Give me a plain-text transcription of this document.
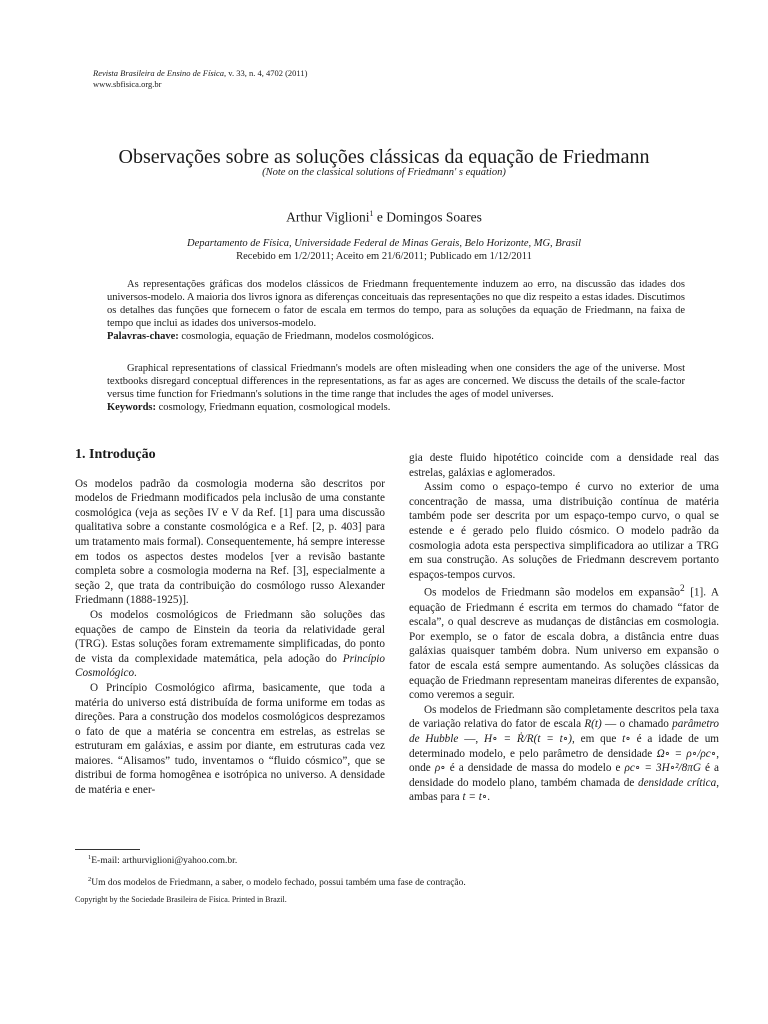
Revista Brasileira de Ensino de Física, v. 33, n. 4, 4702 (2011)
www.sbfisica.org.br
Observações sobre as soluções clássicas da equação de Friedmann
(Note on the classical solutions of Friedmann' s equation)
Arthur Viglioni$^1$ e Domingos Soares
Departamento de Física, Universidade Federal de Minas Gerais, Belo Horizonte, MG, Brasil
Recebido em 1/2/2011; Aceito em 21/6/2011; Publicado em 1/12/2011

As representações gráficas dos modelos clássicos de Friedmann frequentemente induzem ao erro, na discussão das idades dos universos-modelo. A maioria dos livros ignora as diferenças conceituais das representações no que diz respeito a estas idades. Discutimos os detalhes das funções que fornecem o fator de escala em termos do tempo, para as soluções da equação de Friedmann, na faixa de tempo que inclui as idades dos universos-modelo.

Palavras-chave: cosmologia, equação de Friedmann, modelos cosmológicos.

Graphical representations of classical Friedmann's models are often misleading when one considers the age of the universe. Most textbooks disregard conceptual differences in the representations, as far as ages are concerned. We discuss the details of the scale-factor versus time function for Friedmann's solutions in the time range that includes the ages of model universes.

Keywords: cosmology, Friedmann equation, cosmological models.
1. Introdução

Os modelos padrão da cosmologia moderna são descritos por modelos de Friedmann modificados pela inclusão de uma constante cosmológica (veja as seções IV e V da Ref. [1] para uma discussão qualitativa sobre a constante cosmológica e a Ref. [2, p. 403] para um tratamento mais formal). Consequentemente, há sempre interesse em todos os aspectos destes modelos [ver a revisão bastante completa sobre a cosmologia moderna na Ref. [3], especialmente a seção 2, que trata da contribuição do cosmólogo russo Alexander Friedmann (1888-1925)].

Os modelos cosmológicos de Friedmann são soluções das equações de campo de Einstein da teoria da relatividade geral (TRG). Estas soluções foram extremamente simplificadas, do ponto de vista da complexidade matemática, pela adoção do Princípio Cosmológico.

O Princípio Cosmológico afirma, basicamente, que toda a matéria do universo está distribuída de forma uniforme em todas as direções. Para a construção dos modelos cosmológicos desprezamos o fato de que a matéria se concentra em estrelas, as estrelas se estruturam em galáxias, e assim por diante, em estruturas cada vez maiores. “Alisamos” tudo, inventamos o “fluido cósmico”, que se distribui de forma homogênea e isotrópica no universo. A densidade de matéria e ener-

gia deste fluido hipotético coincide com a densidade real das estrelas, galáxias e aglomerados.

Assim como o espaço-tempo é curvo no exterior de uma concentração de massa, uma distribuição contínua de matéria também pode ser descrita por um espaço-tempo curvo, o qual se estende e é gerado pelo fluido cósmico. O modelo padrão da cosmologia adota esta perspectiva simplificadora ao utilizar a TRG em sua construção. As soluções de Friedmann descrevem portanto espaços-tempos curvos.

Os modelos de Friedmann são modelos em expansão$^2$ [1]. A equação de Friedmann é escrita em termos do chamado “fator de escala”, o qual descreve as mudanças de distâncias em cosmologia. Por exemplo, se o fator de escala dobra, a distância entre duas galáxias quaisquer também dobra. Num universo em expansão o fator de escala está sempre aumentando. As soluções clássicas da equação de Friedmann representam maneiras diferentes de expansão, como veremos a seguir.

Os modelos de Friedmann são completamente descritos pela taxa de variação relativa do fator de escala R(t) — o chamado parâmetro de Hubble —, H∘ = Ṙ/R(t = t∘), em que t∘ é a idade de um determinado modelo, e pelo parâmetro de densidade Ω∘ = ρ∘/ρc∘, onde ρ∘ é a densidade de massa do modelo e ρc∘ = 3H∘²/8πG é a densidade do modelo plano, também chamada de densidade crítica, ambas para t = t∘.

$^1$E-mail: arthurviglioni@yahoo.com.br.
$^2$Um dos modelos de Friedmann, a saber, o modelo fechado, possui também uma fase de contração.
Copyright by the Sociedade Brasileira de Física. Printed in Brazil.
